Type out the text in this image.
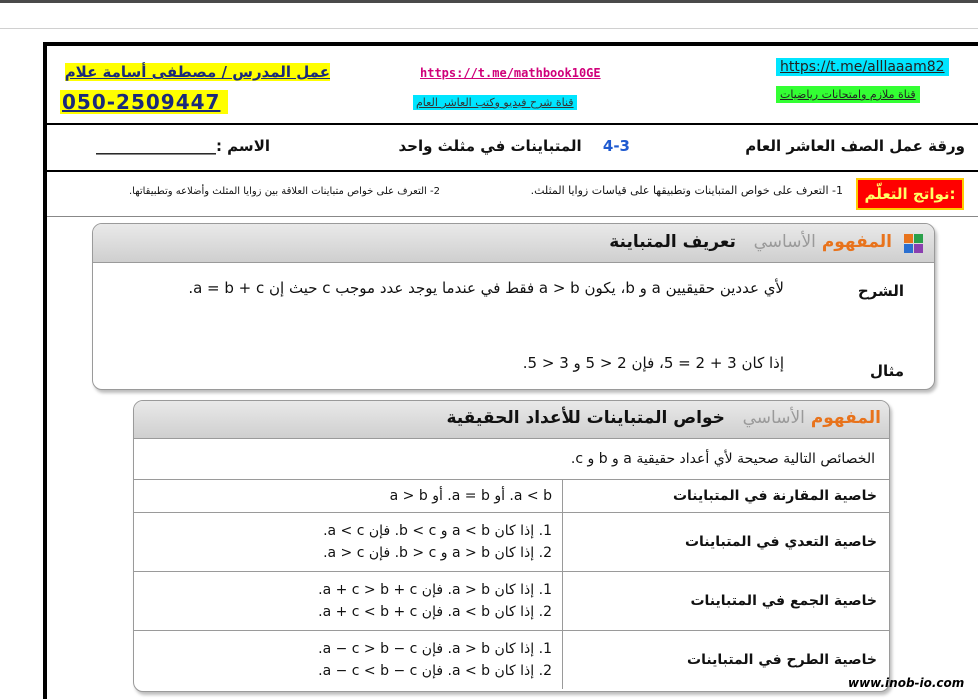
عمل المدرس / مصطفى أسامة علام
050-2509447
https://t.me/mathbook10GE
قناة شرح فيديو وكتب العاشر العام
https://t.me/alllaaam82
قناة ملازم وامتحانات رياضيات
ورقة عمل الصف العاشر العام
4-3 المتباينات في مثلث واحد
الاسم :________________
نواتج التعلّم:
1- التعرف على خواص المتباينات وتطبيقها على قياسات زوايا المثلث.
2- التعرف على خواص متباينات العلاقة بين زوايا المثلث وأضلاعه وتطبيقاتها.
المفهوم الأساسي   تعريف المتباينة
الشرح
لأي عددين حقيقيين a و b، يكون a > b فقط في عندما يوجد عدد موجب c حيث إن a = b + c.
مثال
إذا كان 3 + 2 = 5، فإن 2 < 5 و 3 < 5.
المفهوم الأساسي   خواص المتباينات للأعداد الحقيقية
الخصائص التالية صحيحة لأي أعداد حقيقية a و b و c.
خاصية المقارنة في المتباينات	a < b. أو a = b. أو a > b

خاصية التعدي في المتباينات	1. إذا كان a < b و b < c. فإن a < c.
2. إذا كان a > b و b > c. فإن a > c.

خاصية الجمع في المتباينات	1. إذا كان a > b. فإن a + c > b + c.
2. إذا كان a < b. فإن a + c < b + c.

خاصية الطرح في المتباينات	1. إذا كان a > b. فإن a − c > b − c.
2. إذا كان a < b. فإن a − c < b − c.
www.inob-io.com
